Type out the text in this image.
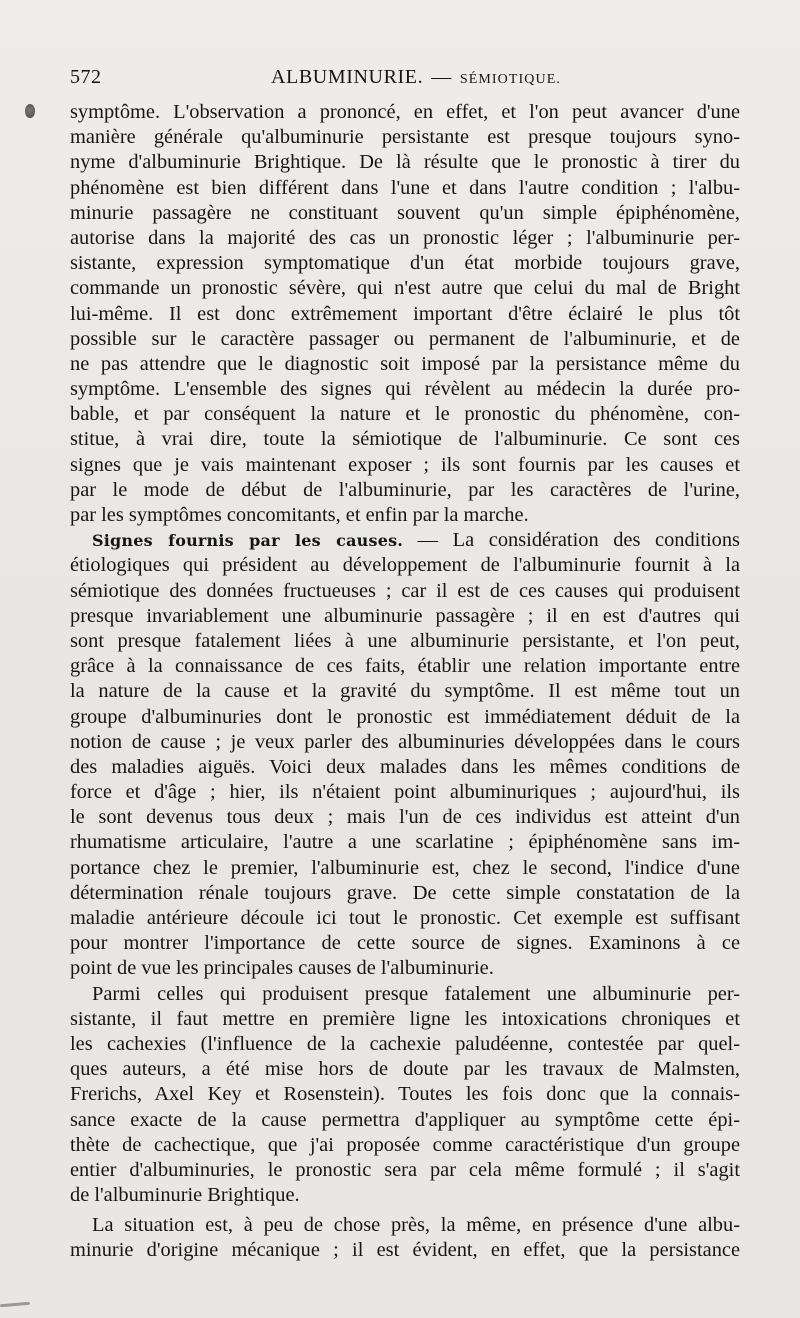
572	ALBUMINURIE. — SÉMIOTIQUE.
symptôme. L'observation a prononcé, en effet, et l'on peut avancer d'une
manière générale qu'albuminurie persistante est presque toujours syno-
nyme d'albuminurie Brightique. De là résulte que le pronostic à tirer du
phénomène est bien différent dans l'une et dans l'autre condition ; l'albu-
minurie passagère ne constituant souvent qu'un simple épiphénomène,
autorise dans la majorité des cas un pronostic léger ; l'albuminurie per-
sistante, expression symptomatique d'un état morbide toujours grave,
commande un pronostic sévère, qui n'est autre que celui du mal de Bright
lui-même. Il est donc extrêmement important d'être éclairé le plus tôt
possible sur le caractère passager ou permanent de l'albuminurie, et de
ne pas attendre que le diagnostic soit imposé par la persistance même du
symptôme. L'ensemble des signes qui révèlent au médecin la durée pro-
bable, et par conséquent la nature et le pronostic du phénomène, con-
stitue, à vrai dire, toute la sémiotique de l'albuminurie. Ce sont ces
signes que je vais maintenant exposer ; ils sont fournis par les causes et
par le mode de début de l'albuminurie, par les caractères de l'urine,
par les symptômes concomitants, et enfin par la marche.
Signes fournis par les causes. — La considération des conditions
étiologiques qui président au développement de l'albuminurie fournit à la
sémiotique des données fructueuses ; car il est de ces causes qui produisent
presque invariablement une albuminurie passagère ; il en est d'autres qui
sont presque fatalement liées à une albuminurie persistante, et l'on peut,
grâce à la connaissance de ces faits, établir une relation importante entre
la nature de la cause et la gravité du symptôme. Il est même tout un
groupe d'albuminuries dont le pronostic est immédiatement déduit de la
notion de cause ; je veux parler des albuminuries développées dans le cours
des maladies aiguës. Voici deux malades dans les mêmes conditions de
force et d'âge ; hier, ils n'étaient point albuminuriques ; aujourd'hui, ils
le sont devenus tous deux ; mais l'un de ces individus est atteint d'un
rhumatisme articulaire, l'autre a une scarlatine ; épiphénomène sans im-
portance chez le premier, l'albuminurie est, chez le second, l'indice d'une
détermination rénale toujours grave. De cette simple constatation de la
maladie antérieure découle ici tout le pronostic. Cet exemple est suffisant
pour montrer l'importance de cette source de signes. Examinons à ce
point de vue les principales causes de l'albuminurie.
Parmi celles qui produisent presque fatalement une albuminurie per-
sistante, il faut mettre en première ligne les intoxications chroniques et
les cachexies (l'influence de la cachexie paludéenne, contestée par quel-
ques auteurs, a été mise hors de doute par les travaux de Malmsten,
Frerichs, Axel Key et Rosenstein). Toutes les fois donc que la connais-
sance exacte de la cause permettra d'appliquer au symptôme cette épi-
thète de cachectique, que j'ai proposée comme caractéristique d'un groupe
entier d'albuminuries, le pronostic sera par cela même formulé ; il s'agit
de l'albuminurie Brightique.
La situation est, à peu de chose près, la même, en présence d'une albu-
minurie d'origine mécanique ; il est évident, en effet, que la persistance
